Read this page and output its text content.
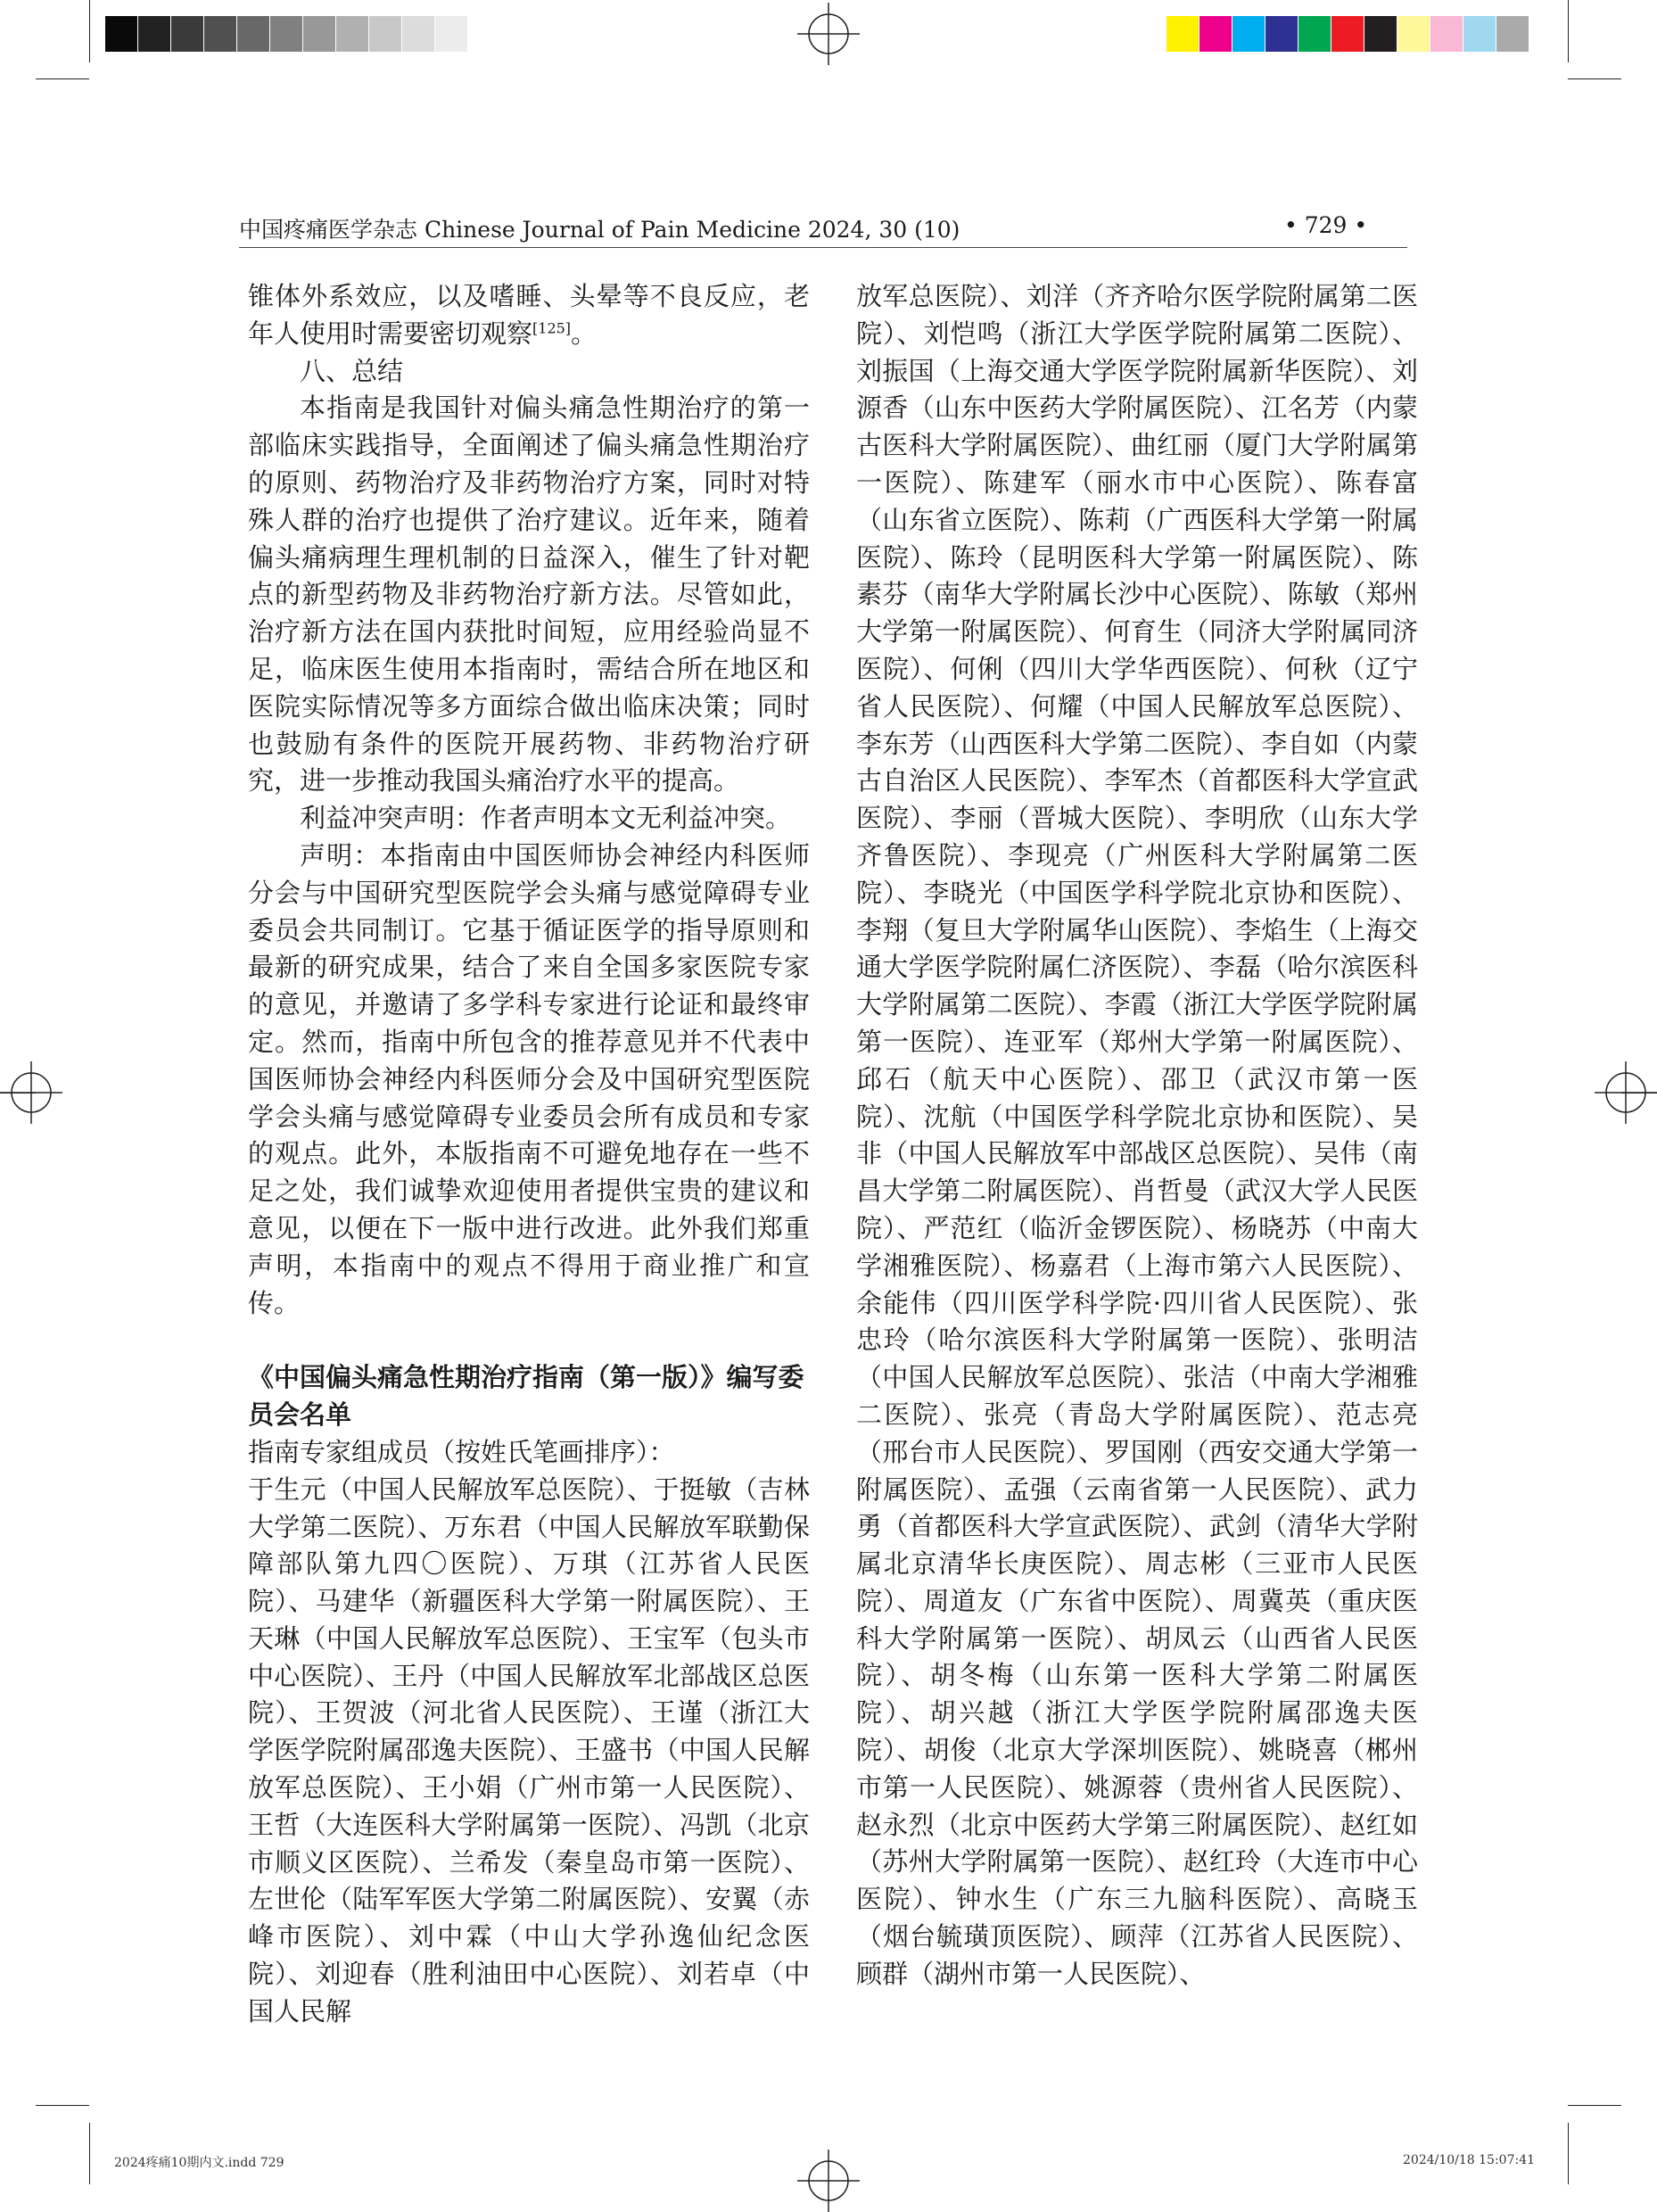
中国疼痛医学杂志 Chinese Journal of Pain Medicine 2024, 30 (10)	• 729 •

锥体外系效应，以及嗜睡、头晕等不良反应，老年人使用时需要密切观察[125]。

八、总结

本指南是我国针对偏头痛急性期治疗的第一部临床实践指导，全面阐述了偏头痛急性期治疗的原则、药物治疗及非药物治疗方案，同时对特殊人群的治疗也提供了治疗建议。近年来，随着偏头痛病理生理机制的日益深入，催生了针对靶点的新型药物及非药物治疗新方法。尽管如此，治疗新方法在国内获批时间短，应用经验尚显不足，临床医生使用本指南时，需结合所在地区和医院实际情况等多方面综合做出临床决策；同时也鼓励有条件的医院开展药物、非药物治疗研究，进一步推动我国头痛治疗水平的提高。

利益冲突声明：作者声明本文无利益冲突。

声明：本指南由中国医师协会神经内科医师分会与中国研究型医院学会头痛与感觉障碍专业委员会共同制订。它基于循证医学的指导原则和最新的研究成果，结合了来自全国多家医院专家的意见，并邀请了多学科专家进行论证和最终审定。然而，指南中所包含的推荐意见并不代表中国医师协会神经内科医师分会及中国研究型医院学会头痛与感觉障碍专业委员会所有成员和专家的观点。此外，本版指南不可避免地存在一些不足之处，我们诚挚欢迎使用者提供宝贵的建议和意见，以便在下一版中进行改进。此外我们郑重声明，本指南中的观点不得用于商业推广和宣传。

《中国偏头痛急性期治疗指南（第一版）》编写委员会名单

指南专家组成员（按姓氏笔画排序）：

于生元（中国人民解放军总医院）、于挺敏（吉林大学第二医院）、万东君（中国人民解放军联勤保障部队第九四〇医院）、万琪（江苏省人民医院）、马建华（新疆医科大学第一附属医院）、王天琳（中国人民解放军总医院）、王宝军（包头市中心医院）、王丹（中国人民解放军北部战区总医院）、王贺波（河北省人民医院）、王谨（浙江大学医学院附属邵逸夫医院）、王盛书（中国人民解放军总医院）、王小娟（广州市第一人民医院）、王哲（大连医科大学附属第一医院）、冯凯（北京市顺义区医院）、兰希发（秦皇岛市第一医院）、左世伦（陆军军医大学第二附属医院）、安翼（赤峰市医院）、刘中霖（中山大学孙逸仙纪念医院）、刘迎春（胜利油田中心医院）、刘若卓（中国人民解

放军总医院）、刘洋（齐齐哈尔医学院附属第二医院）、刘恺鸣（浙江大学医学院附属第二医院）、刘振国（上海交通大学医学院附属新华医院）、刘源香（山东中医药大学附属医院）、江名芳（内蒙古医科大学附属医院）、曲红丽（厦门大学附属第一医院）、陈建军（丽水市中心医院）、陈春富（山东省立医院）、陈莉（广西医科大学第一附属医院）、陈玲（昆明医科大学第一附属医院）、陈素芬（南华大学附属长沙中心医院）、陈敏（郑州大学第一附属医院）、何育生（同济大学附属同济医院）、何俐（四川大学华西医院）、何秋（辽宁省人民医院）、何耀（中国人民解放军总医院）、李东芳（山西医科大学第二医院）、李自如（内蒙古自治区人民医院）、李军杰（首都医科大学宣武医院）、李丽（晋城大医院）、李明欣（山东大学齐鲁医院）、李现亮（广州医科大学附属第二医院）、李晓光（中国医学科学院北京协和医院）、李翔（复旦大学附属华山医院）、李焰生（上海交通大学医学院附属仁济医院）、李磊（哈尔滨医科大学附属第二医院）、李霞（浙江大学医学院附属第一医院）、连亚军（郑州大学第一附属医院）、邱石（航天中心医院）、邵卫（武汉市第一医院）、沈航（中国医学科学院北京协和医院）、吴非（中国人民解放军中部战区总医院）、吴伟（南昌大学第二附属医院）、肖哲曼（武汉大学人民医院）、严范红（临沂金锣医院）、杨晓苏（中南大学湘雅医院）、杨嘉君（上海市第六人民医院）、余能伟（四川医学科学院·四川省人民医院）、张忠玲（哈尔滨医科大学附属第一医院）、张明洁（中国人民解放军总医院）、张洁（中南大学湘雅二医院）、张亮（青岛大学附属医院）、范志亮（邢台市人民医院）、罗国刚（西安交通大学第一附属医院）、孟强（云南省第一人民医院）、武力勇（首都医科大学宣武医院）、武剑（清华大学附属北京清华长庚医院）、周志彬（三亚市人民医院）、周道友（广东省中医院）、周冀英（重庆医科大学附属第一医院）、胡凤云（山西省人民医院）、胡冬梅（山东第一医科大学第二附属医院）、胡兴越（浙江大学医学院附属邵逸夫医院）、胡俊（北京大学深圳医院）、姚晓喜（郴州市第一人民医院）、姚源蓉（贵州省人民医院）、赵永烈（北京中医药大学第三附属医院）、赵红如（苏州大学附属第一医院）、赵红玲（大连市中心医院）、钟水生（广东三九脑科医院）、高晓玉（烟台毓璜顶医院）、顾萍（江苏省人民医院）、顾群（湖州市第一人民医院）、

2024疼痛10期内文.indd 729	2024/10/18 15:07:41
